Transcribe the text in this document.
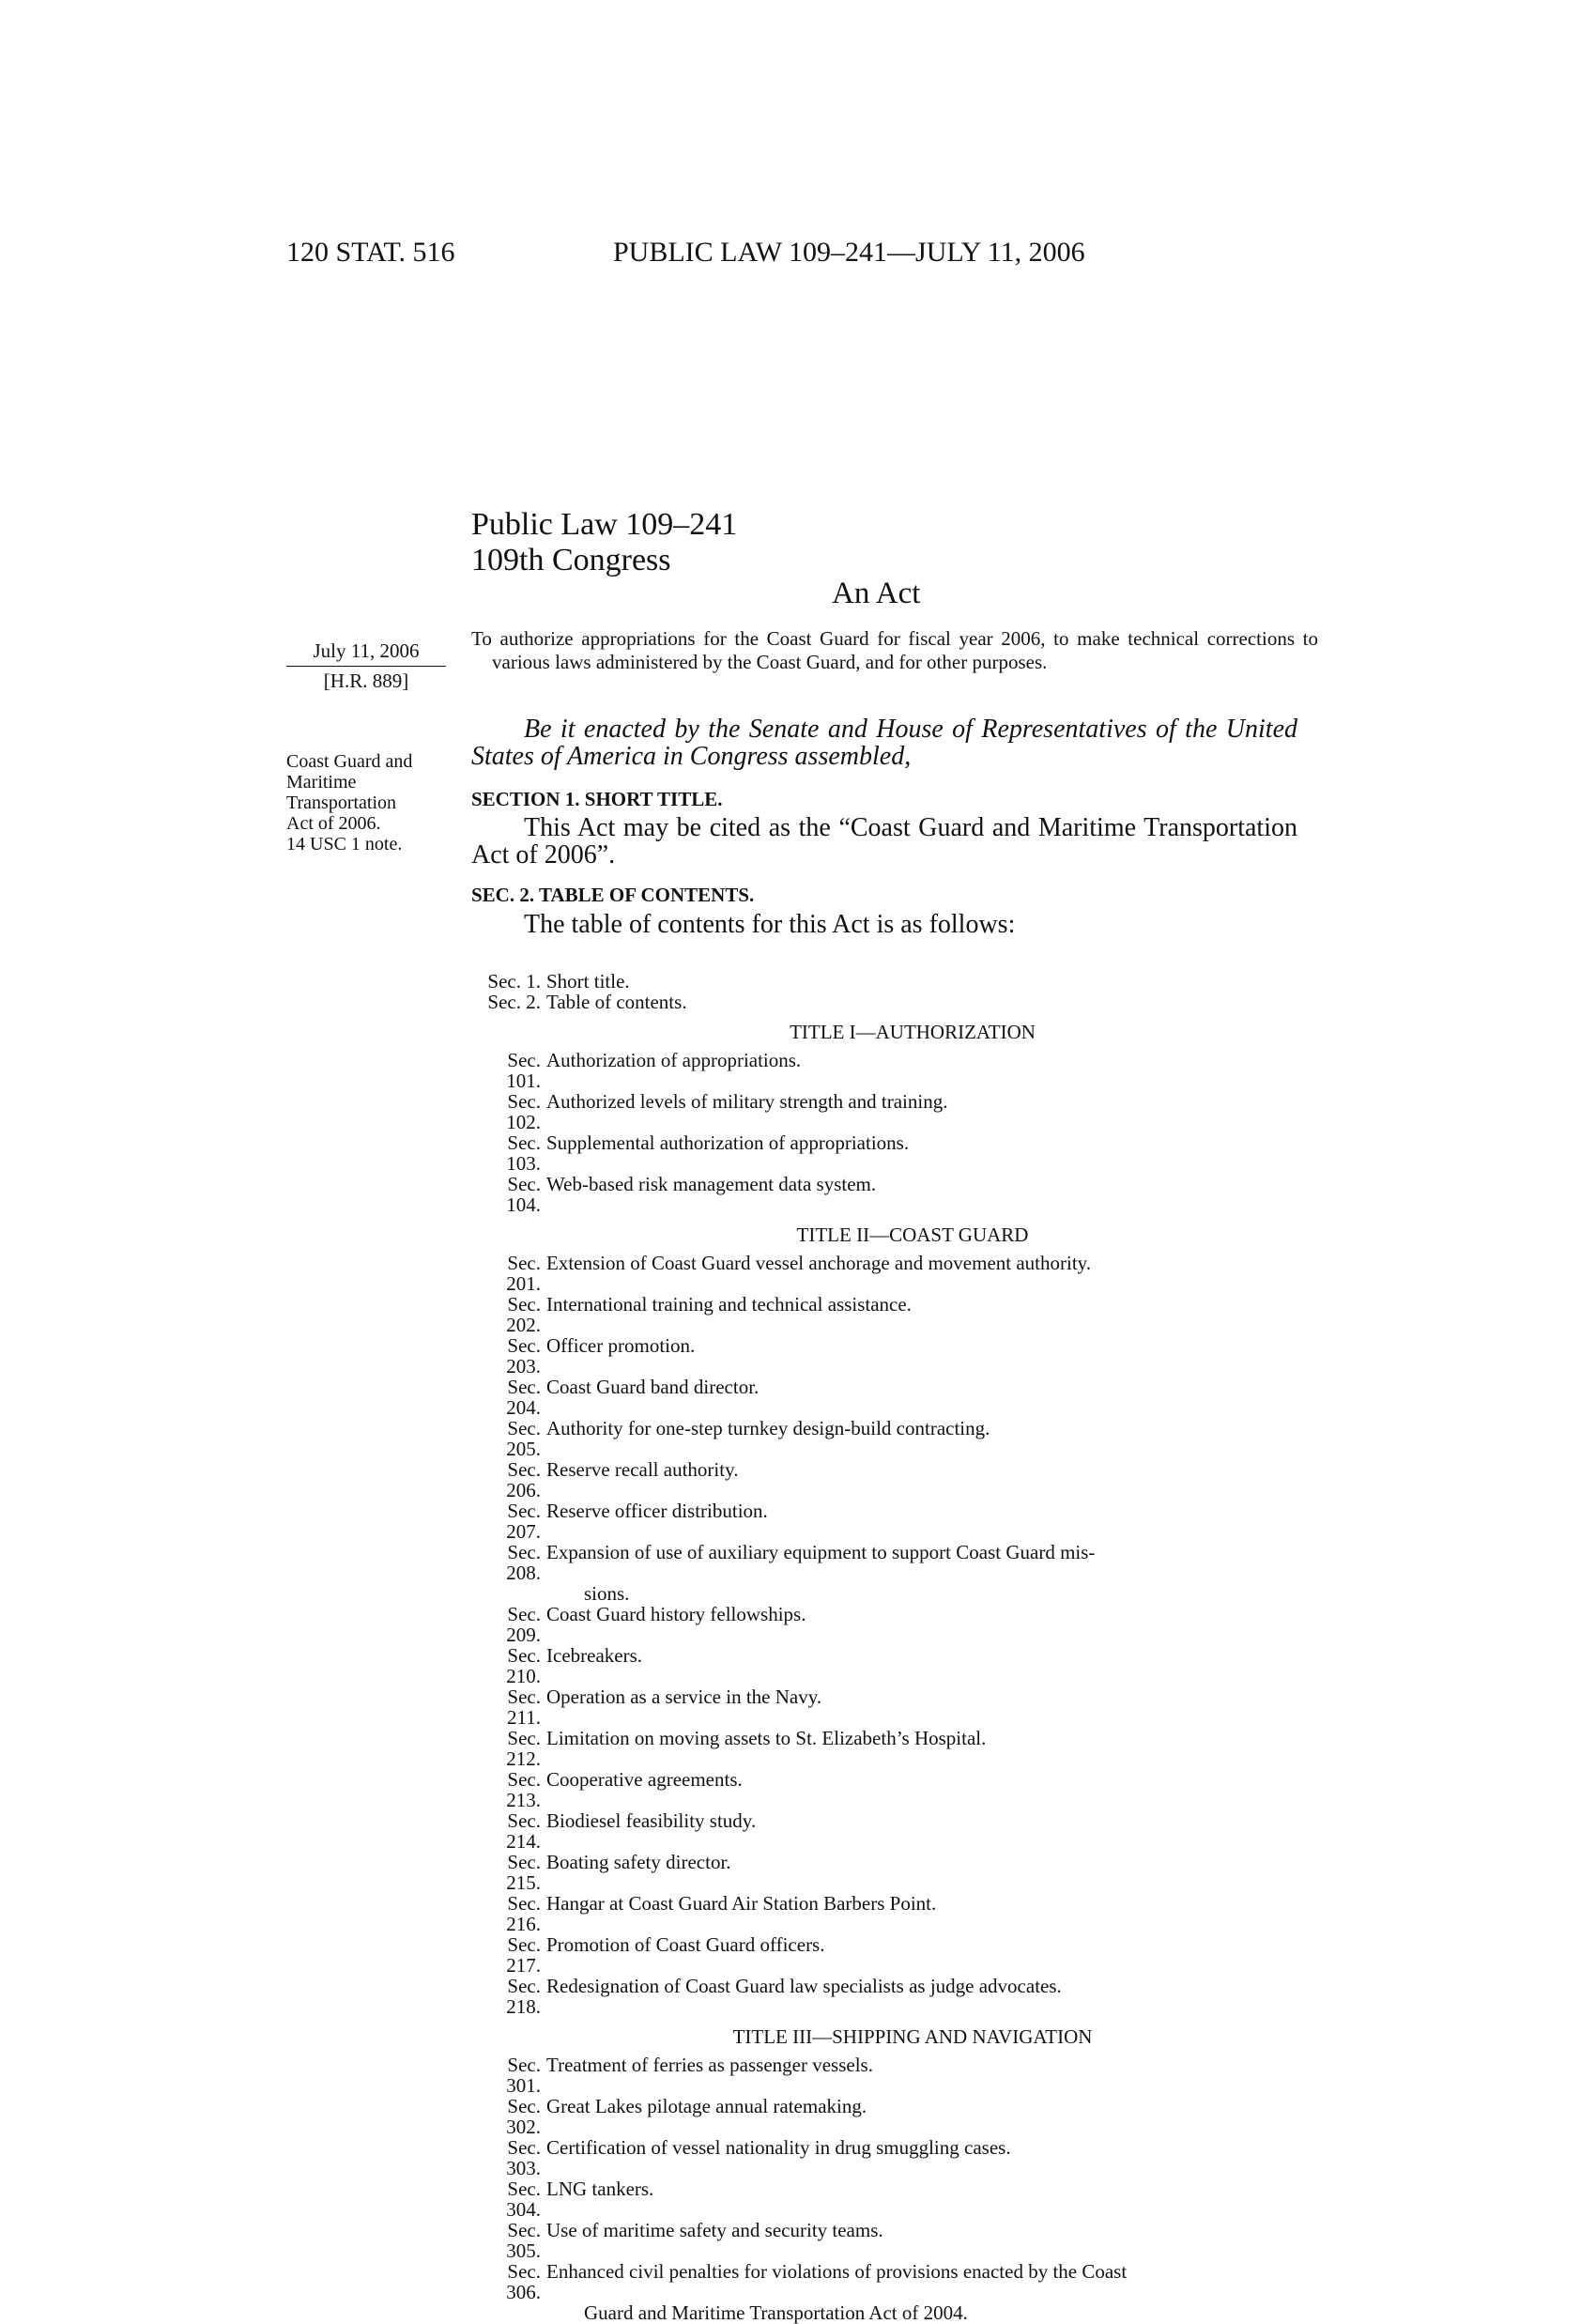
120 STAT. 516	PUBLIC LAW 109–241—JULY 11, 2006
Public Law 109–241
109th Congress
An Act
July 11, 2006
[H.R. 889]
Coast Guard and
Maritime
Transportation
Act of 2006.
14 USC 1 note.
To authorize appropriations for the Coast Guard for fiscal year 2006, to make technical corrections to various laws administered by the Coast Guard, and for other purposes.
Be it enacted by the Senate and House of Representatives of the United States of America in Congress assembled,
SECTION 1. SHORT TITLE.
This Act may be cited as the “Coast Guard and Maritime Transportation Act of 2006”.
SEC. 2. TABLE OF CONTENTS.
The table of contents for this Act is as follows:
Sec. 1. Short title.
Sec. 2. Table of contents.
TITLE I—AUTHORIZATION
Sec. 101.
Authorization of appropriations.
Sec. 102.
Authorized levels of military strength and training.
Sec. 103.
Supplemental authorization of appropriations.
Sec. 104.
Web-based risk management data system.
TITLE II—COAST GUARD
Sec. 201.
Extension of Coast Guard vessel anchorage and movement authority.
Sec. 202.
International training and technical assistance.
Sec. 203.
Officer promotion.
Sec. 204.
Coast Guard band director.
Sec. 205.
Authority for one-step turnkey design-build contracting.
Sec. 206.
Reserve recall authority.
Sec. 207.
Reserve officer distribution.
Sec. 208.
Expansion of use of auxiliary equipment to support Coast Guard mis-
sions.
Sec. 209.
Coast Guard history fellowships.
Sec. 210.
Icebreakers.
Sec. 211.
Operation as a service in the Navy.
Sec. 212.
Limitation on moving assets to St. Elizabeth’s Hospital.
Sec. 213.
Cooperative agreements.
Sec. 214.
Biodiesel feasibility study.
Sec. 215.
Boating safety director.
Sec. 216.
Hangar at Coast Guard Air Station Barbers Point.
Sec. 217.
Promotion of Coast Guard officers.
Sec. 218.
Redesignation of Coast Guard law specialists as judge advocates.
TITLE III—SHIPPING AND NAVIGATION
Sec. 301.
Treatment of ferries as passenger vessels.
Sec. 302.
Great Lakes pilotage annual ratemaking.
Sec. 303.
Certification of vessel nationality in drug smuggling cases.
Sec. 304.
LNG tankers.
Sec. 305.
Use of maritime safety and security teams.
Sec. 306.
Enhanced civil penalties for violations of provisions enacted by the Coast
Guard and Maritime Transportation Act of 2004.
